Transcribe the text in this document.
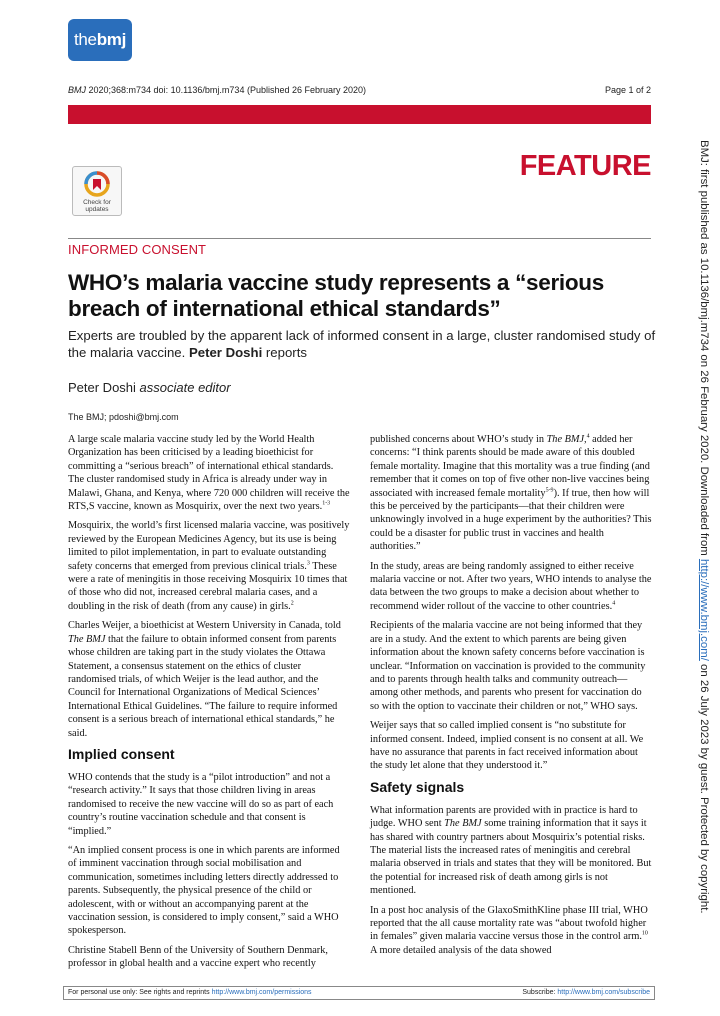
the bmj
BMJ 2020;368:m734 doi: 10.1136/bmj.m734 (Published 26 February 2020)	Page 1 of 2
FEATURE
Check for
updates
INFORMED CONSENT
WHO’s malaria vaccine study represents a “serious breach of international ethical standards”
Experts are troubled by the apparent lack of informed consent in a large, cluster randomised study of the malaria vaccine. Peter Doshi reports
Peter Doshi associate editor
The BMJ; pdoshi@bmj.com

A large scale malaria vaccine study led by the World Health Organization has been criticised by a leading bioethicist for committing a “serious breach” of international ethical standards. The cluster randomised study in Africa is already under way in Malawi, Ghana, and Kenya, where 720 000 children will receive the RTS,S vaccine, known as Mosquirix, over the next two years.$^{1-3}$

Mosquirix, the world’s first licensed malaria vaccine, was positively reviewed by the European Medicines Agency, but its use is being limited to pilot implementation, in part to evaluate outstanding safety concerns that emerged from previous clinical trials.$^3$ These were a rate of meningitis in those receiving Mosquirix 10 times that of those who did not, increased cerebral malaria cases, and a doubling in the risk of death (from any cause) in girls.$^2$

Charles Weijer, a bioethicist at Western University in Canada, told The BMJ that the failure to obtain informed consent from parents whose children are taking part in the study violates the Ottawa Statement, a consensus statement on the ethics of cluster randomised trials, of which Weijer is the lead author, and the Council for International Organizations of Medical Sciences’ International Ethical Guidelines. “The failure to require informed consent is a serious breach of international ethical standards,” he said.

Implied consent

WHO contends that the study is a “pilot introduction” and not a “research activity.” It says that those children living in areas randomised to receive the new vaccine will do so as part of each country’s routine vaccination schedule and that consent is “implied.”

“An implied consent process is one in which parents are informed of imminent vaccination through social mobilisation and communication, sometimes including letters directly addressed to parents. Subsequently, the physical presence of the child or adolescent, with or without an accompanying parent at the vaccination session, is considered to imply consent,” said a WHO spokesperson.

Christine Stabell Benn of the University of Southern Denmark, professor in global health and a vaccine expert who recently

published concerns about WHO’s study in The BMJ,$^4$ added her concerns: “I think parents should be made aware of this doubled female mortality. Imagine that this mortality was a true finding (and remember that it comes on top of five other non-live vaccines being associated with increased female mortality$^{5-9}$). If true, then how will this be perceived by the participants—that their children were unknowingly involved in a huge experiment by the authorities? This could be a disaster for public trust in vaccines and health authorities.”

In the study, areas are being randomly assigned to either receive malaria vaccine or not. After two years, WHO intends to analyse the data between the two groups to make a decision about whether to recommend wider rollout of the vaccine to other countries.$^4$

Recipients of the malaria vaccine are not being informed that they are in a study. And the extent to which parents are being given information about the known safety concerns before vaccination is unclear. “Information on vaccination is provided to the community and to parents through health talks and community outreach—among other methods, and parents who present for vaccination do so with the option to vaccinate their children or not,” WHO says.

Weijer says that so called implied consent is “no substitute for informed consent. Indeed, implied consent is no consent at all. We have no assurance that parents in fact received information about the study let alone that they understood it.”

Safety signals

What information parents are provided with in practice is hard to judge. WHO sent The BMJ some training information that it says it has shared with country partners about Mosquirix’s potential risks. The material lists the increased rates of meningitis and cerebral malaria observed in trials and states that they will be monitored. But the potential for increased risk of death among girls is not mentioned.

In a post hoc analysis of the GlaxoSmithKline phase III trial, WHO reported that the all cause mortality rate was “about twofold higher in females” given malaria vaccine versus those in the control arm.$^{10}$ A more detailed analysis of the data showed

BMJ: first published as 10.1136/bmj.m734 on 26 February 2020. Downloaded from http://www.bmj.com/ on 26 July 2023 by guest. Protected by copyright.
For personal use only: See rights and reprints http://www.bmj.com/permissions	Subscribe: http://www.bmj.com/subscribe
